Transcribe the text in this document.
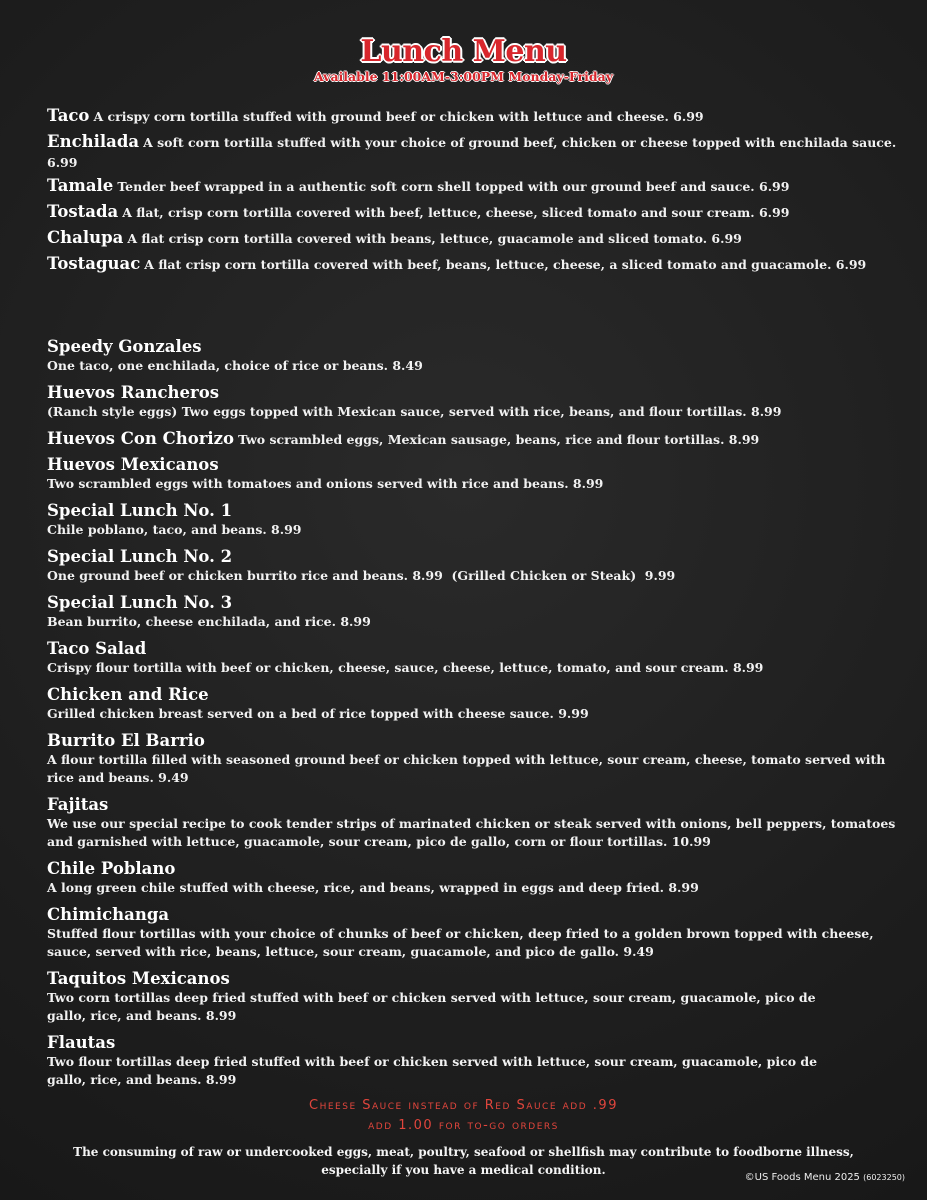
Lunch Menu
Available 11:00AM-3:00PM Monday-Friday
Taco A crispy corn tortilla stuffed with ground beef or chicken with lettuce and cheese. 6.99
Enchilada A soft corn tortilla stuffed with your choice of ground beef, chicken or cheese topped with enchilada sauce. 6.99
Tamale Tender beef wrapped in a authentic soft corn shell topped with our ground beef and sauce. 6.99
Tostada A flat, crisp corn tortilla covered with beef, lettuce, cheese, sliced tomato and sour cream. 6.99
Chalupa A flat crisp corn tortilla covered with beans, lettuce, guacamole and sliced tomato. 6.99
Tostaguac A flat crisp corn tortilla covered with beef, beans, lettuce, cheese, a sliced tomato and guacamole. 6.99
Speedy Gonzales
One taco, one enchilada, choice of rice or beans. 8.49
Huevos Rancheros
(Ranch style eggs) Two eggs topped with Mexican sauce, served with rice, beans, and flour tortillas. 8.99
Huevos Con Chorizo Two scrambled eggs, Mexican sausage, beans, rice and flour tortillas. 8.99
Huevos Mexicanos
Two scrambled eggs with tomatoes and onions served with rice and beans. 8.99
Special Lunch No. 1
Chile poblano, taco, and beans. 8.99
Special Lunch No. 2
One ground beef or chicken burrito rice and beans. 8.99  (Grilled Chicken or Steak)  9.99
Special Lunch No. 3
Bean burrito, cheese enchilada, and rice. 8.99
Taco Salad
Crispy flour tortilla with beef or chicken, cheese, sauce, cheese, lettuce, tomato, and sour cream. 8.99
Chicken and Rice
Grilled chicken breast served on a bed of rice topped with cheese sauce. 9.99
Burrito El Barrio
A flour tortilla filled with seasoned ground beef or chicken topped with lettuce, sour cream, cheese, tomato served with rice and beans. 9.49
Fajitas
We use our special recipe to cook tender strips of marinated chicken or steak served with onions, bell peppers, tomatoes and garnished with lettuce, guacamole, sour cream, pico de gallo, corn or flour tortillas. 10.99
Chile Poblano
A long green chile stuffed with cheese, rice, and beans, wrapped in eggs and deep fried. 8.99
Chimichanga
Stuffed flour tortillas with your choice of chunks of beef or chicken, deep fried to a golden brown topped with cheese, sauce, served with rice, beans, lettuce, sour cream, guacamole, and pico de gallo. 9.49
Taquitos Mexicanos
Two corn tortillas deep fried stuffed with beef or chicken served with lettuce, sour cream, guacamole, pico de gallo, rice, and beans. 8.99
Flautas
Two flour tortillas deep fried stuffed with beef or chicken served with lettuce, sour cream, guacamole, pico de gallo, rice, and beans. 8.99
Cheese Sauce instead of Red Sauce add .99
add 1.00 for to-go orders
The consuming of raw or undercooked eggs, meat, poultry, seafood or shellfish may contribute to foodborne illness, especially if you have a medical condition.
©US Foods Menu 2025 (6023250)
